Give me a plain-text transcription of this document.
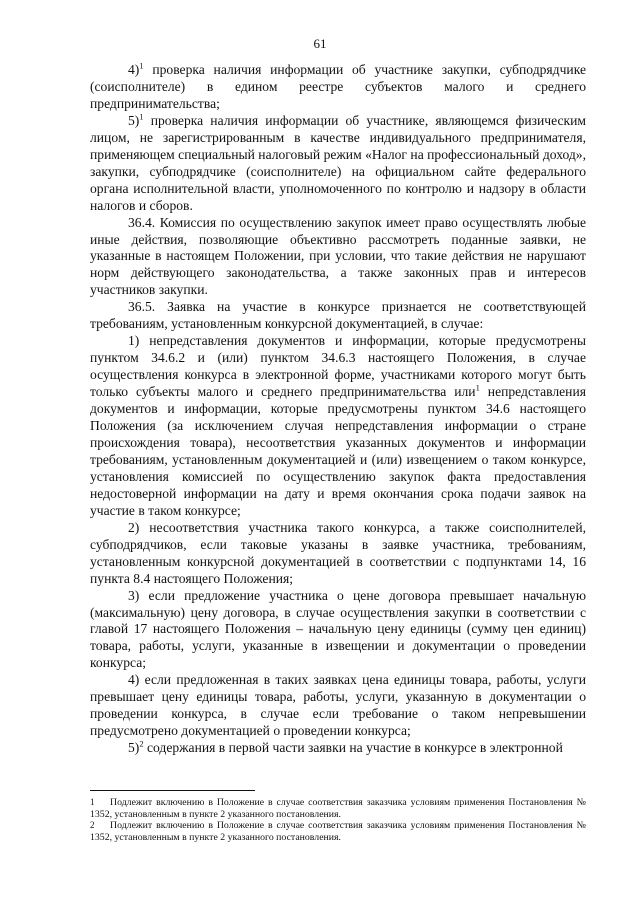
61

4)$^1$ проверка наличия информации об участнике закупки, субподрядчике (соисполнителе) в едином реестре субъектов малого и среднего предпринимательства;

5)$^1$ проверка наличия информации об участнике, являющемся физическим лицом, не зарегистрированным в качестве индивидуального предпринимателя, применяющем специальный налоговый режим «Налог на профессиональный доход», закупки, субподрядчике (соисполнителе) на официальном сайте федерального органа исполнительной власти, уполномоченного по контролю и надзору в области налогов и сборов.

36.4. Комиссия по осуществлению закупок имеет право осуществлять любые иные действия, позволяющие объективно рассмотреть поданные заявки, не указанные в настоящем Положении, при условии, что такие действия не нарушают норм действующего законодательства, а также законных прав и интересов участников закупки.

36.5. Заявка на участие в конкурсе признается не соответствующей требованиям, установленным конкурсной документацией, в случае:

1) непредставления документов и информации, которые предусмотрены пунктом 34.6.2 и (или) пунктом 34.6.3 настоящего Положения, в случае осуществления конкурса в электронной форме, участниками которого могут быть только субъекты малого и среднего предпринимательства или$^1$ непредставления документов и информации, которые предусмотрены пунктом 34.6 настоящего Положения (за исключением случая непредставления информации о стране происхождения товара), несоответствия указанных документов и информации требованиям, установленным документацией и (или) извещением о таком конкурсе, установления комиссией по осуществлению закупок факта предоставления недостоверной информации на дату и время окончания срока подачи заявок на участие в таком конкурсе;

2) несоответствия участника такого конкурса, а также соисполнителей, субподрядчиков, если таковые указаны в заявке участника, требованиям, установленным конкурсной документацией в соответствии с подпунктами 14, 16 пункта 8.4 настоящего Положения;

3) если предложение участника о цене договора превышает начальную (максимальную) цену договора, в случае осуществления закупки в соответствии с главой 17 настоящего Положения – начальную цену единицы (сумму цен единиц) товара, работы, услуги, указанные в извещении и документации о проведении конкурса;

4) если предложенная в таких заявках цена единицы товара, работы, услуги превышает цену единицы товара, работы, услуги, указанную в документации о проведении конкурса, в случае если требование о таком непревышении предусмотрено документацией о проведении конкурса;

5)$^2$ содержания в первой части заявки на участие в конкурсе в электронной

1 Подлежит включению в Положение в случае соответствия заказчика условиям применения Постановления № 1352, установленным в пункте 2 указанного постановления.

2 Подлежит включению в Положение в случае соответствия заказчика условиям применения Постановления № 1352, установленным в пункте 2 указанного постановления.
